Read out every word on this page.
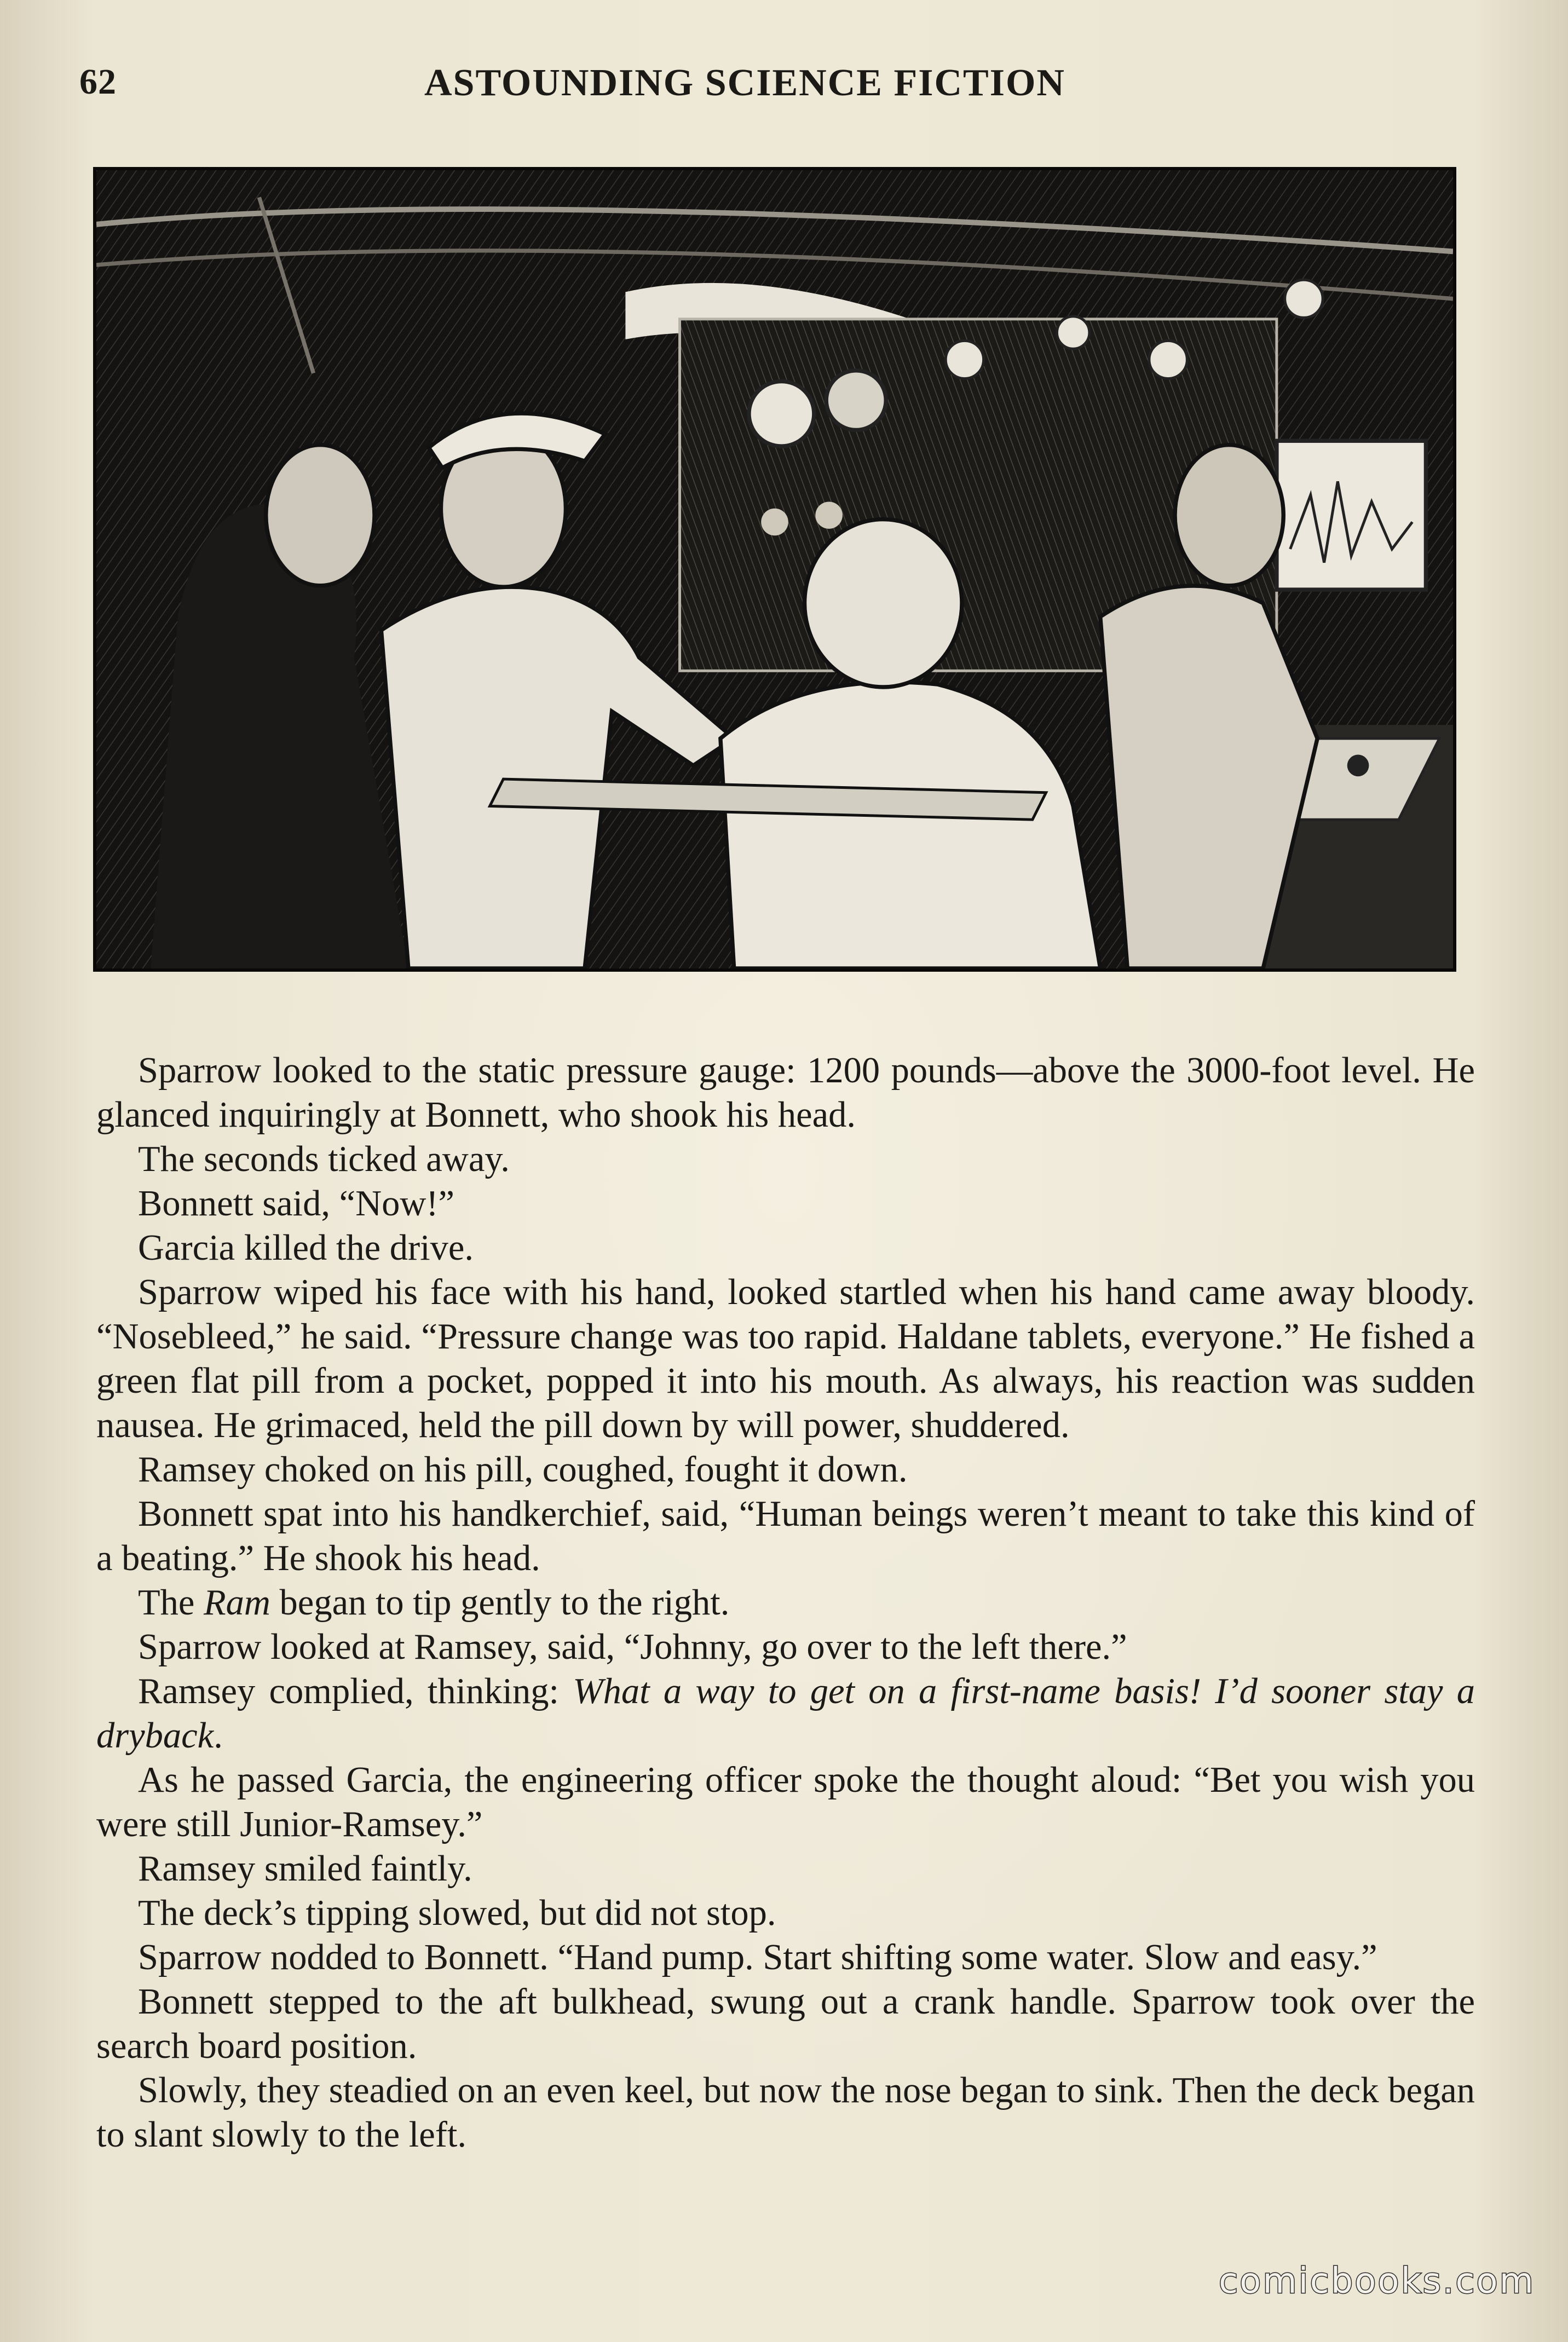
62	ASTOUNDING SCIENCE FICTION

Sparrow looked to the static pressure gauge: 1200 pounds—above the 3000-foot level. He glanced inquiringly at Bonnett, who shook his head.

The seconds ticked away.

Bonnett said, “Now!”

Garcia killed the drive.

Sparrow wiped his face with his hand, looked startled when his hand came away bloody. “Nosebleed,” he said. “Pressure change was too rapid. Haldane tablets, everyone.” He fished a green flat pill from a pocket, popped it into his mouth. As always, his reaction was sudden nausea. He grimaced, held the pill down by will power, shuddered.

Ramsey choked on his pill, coughed, fought it down.

Bonnett spat into his handkerchief, said, “Human beings weren’t meant to take this kind of a beating.” He shook his head.

The Ram began to tip gently to the right.

Sparrow looked at Ramsey, said, “Johnny, go over to the left there.”

Ramsey complied, thinking: What a way to get on a first-name basis! I’d sooner stay a dryback.

As he passed Garcia, the engineering officer spoke the thought aloud: “Bet you wish you were still Junior-Ramsey.”

Ramsey smiled faintly.

The deck’s tipping slowed, but did not stop.

Sparrow nodded to Bonnett. “Hand pump. Start shifting some water. Slow and easy.”

Bonnett stepped to the aft bulkhead, swung out a crank handle. Sparrow took over the search board position.

Slowly, they steadied on an even keel, but now the nose began to sink. Then the deck began to slant slowly to the left.

comicbooks.com
